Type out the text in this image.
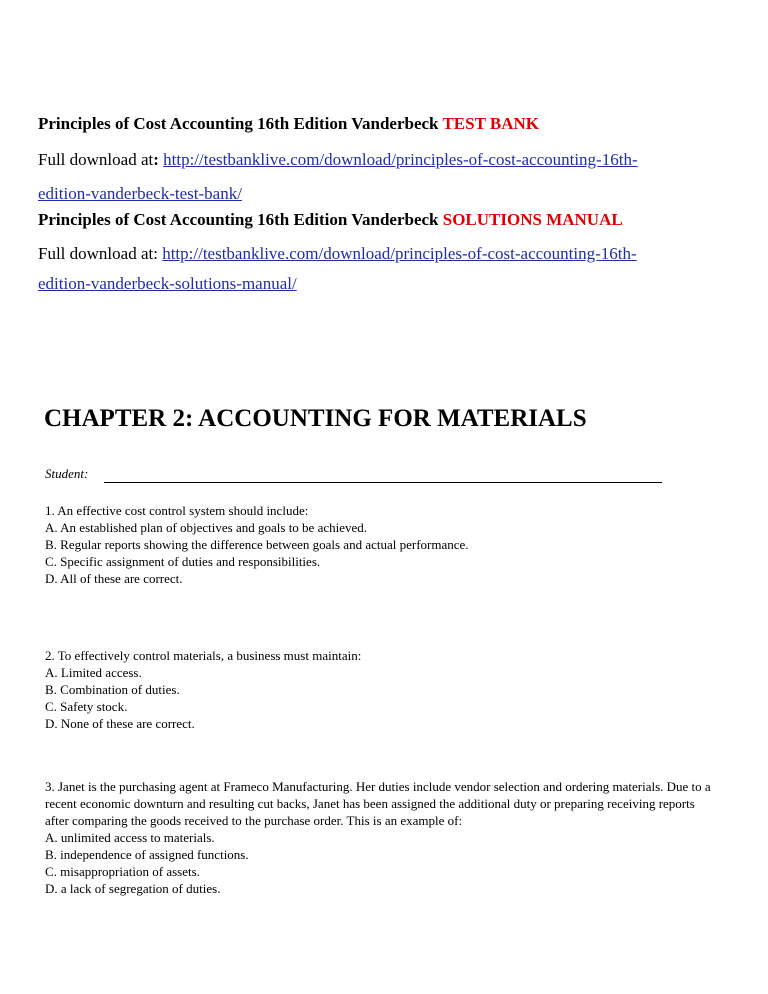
Principles of Cost Accounting 16th Edition Vanderbeck TEST BANK
Full download at: http://testbanklive.com/download/principles-of-cost-accounting-16th-
edition-vanderbeck-test-bank/
Principles of Cost Accounting 16th Edition Vanderbeck SOLUTIONS MANUAL
Full download at: http://testbanklive.com/download/principles-of-cost-accounting-16th-
edition-vanderbeck-solutions-manual/
CHAPTER 2: ACCOUNTING FOR MATERIALS
Student:

1. An effective cost control system should include:

A. An established plan of objectives and goals to be achieved.

B. Regular reports showing the difference between goals and actual performance.

C. Specific assignment of duties and responsibilities.

D. All of these are correct.

2. To effectively control materials, a business must maintain:

A. Limited access.

B. Combination of duties.

C. Safety stock.

D. None of these are correct.

3. Janet is the purchasing agent at Frameco Manufacturing. Her duties include vendor selection and ordering materials. Due to a recent economic downturn and resulting cut backs, Janet has been assigned the additional duty or preparing receiving reports after comparing the goods received to the purchase order. This is an example of:

A. unlimited access to materials.

B. independence of assigned functions.

C. misappropriation of assets.

D. a lack of segregation of duties.
